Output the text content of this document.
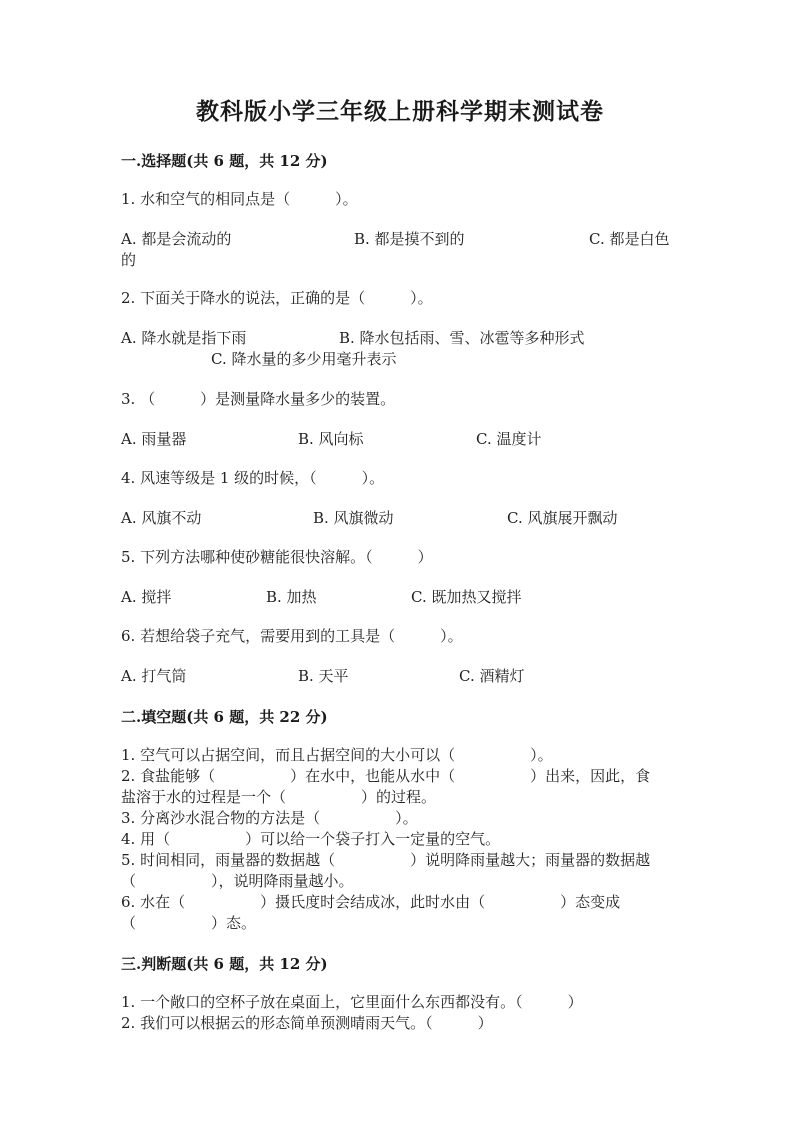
教科版小学三年级上册科学期末测试卷
一.选择题(共 6 题，共 12 分)
1. 水和空气的相同点是（　　　）。
A. 都是会流动的	B. 都是摸不到的	C. 都是白色
的
2. 下面关于降水的说法，正确的是（　　　）。
A. 降水就是指下雨	B. 降水包括雨、雪、冰雹等多种形式
C. 降水量的多少用毫升表示
3. （　　　）是测量降水量多少的装置。
A. 雨量器	B. 风向标	C. 温度计
4. 风速等级是 1 级的时候，（　　　）。
A. 风旗不动	B. 风旗微动	C. 风旗展开飘动
5. 下列方法哪种使砂糖能很快溶解。（　　　）
A. 搅拌	B. 加热	C. 既加热又搅拌
6. 若想给袋子充气，需要用到的工具是（　　　）。
A. 打气筒	B. 天平	C. 酒精灯
二.填空题(共 6 题，共 22 分)
1. 空气可以占据空间，而且占据空间的大小可以（　　　　　）。
2. 食盐能够（　　　　　）在水中，也能从水中（　　　　　）出来，因此，食
盐溶于水的过程是一个（　　　　　）的过程。
3. 分离沙水混合物的方法是（　　　　　）。
4. 用（　　　　　）可以给一个袋子打入一定量的空气。
5. 时间相同，雨量器的数据越（　　　　　）说明降雨量越大；雨量器的数据越
（　　　　　），说明降雨量越小。
6. 水在（　　　　　）摄氏度时会结成冰，此时水由（　　　　　）态变成
（　　　　　）态。
三.判断题(共 6 题，共 12 分)
1. 一个敞口的空杯子放在桌面上，它里面什么东西都没有。（　　　）
2. 我们可以根据云的形态简单预测晴雨天气。（　　　）
